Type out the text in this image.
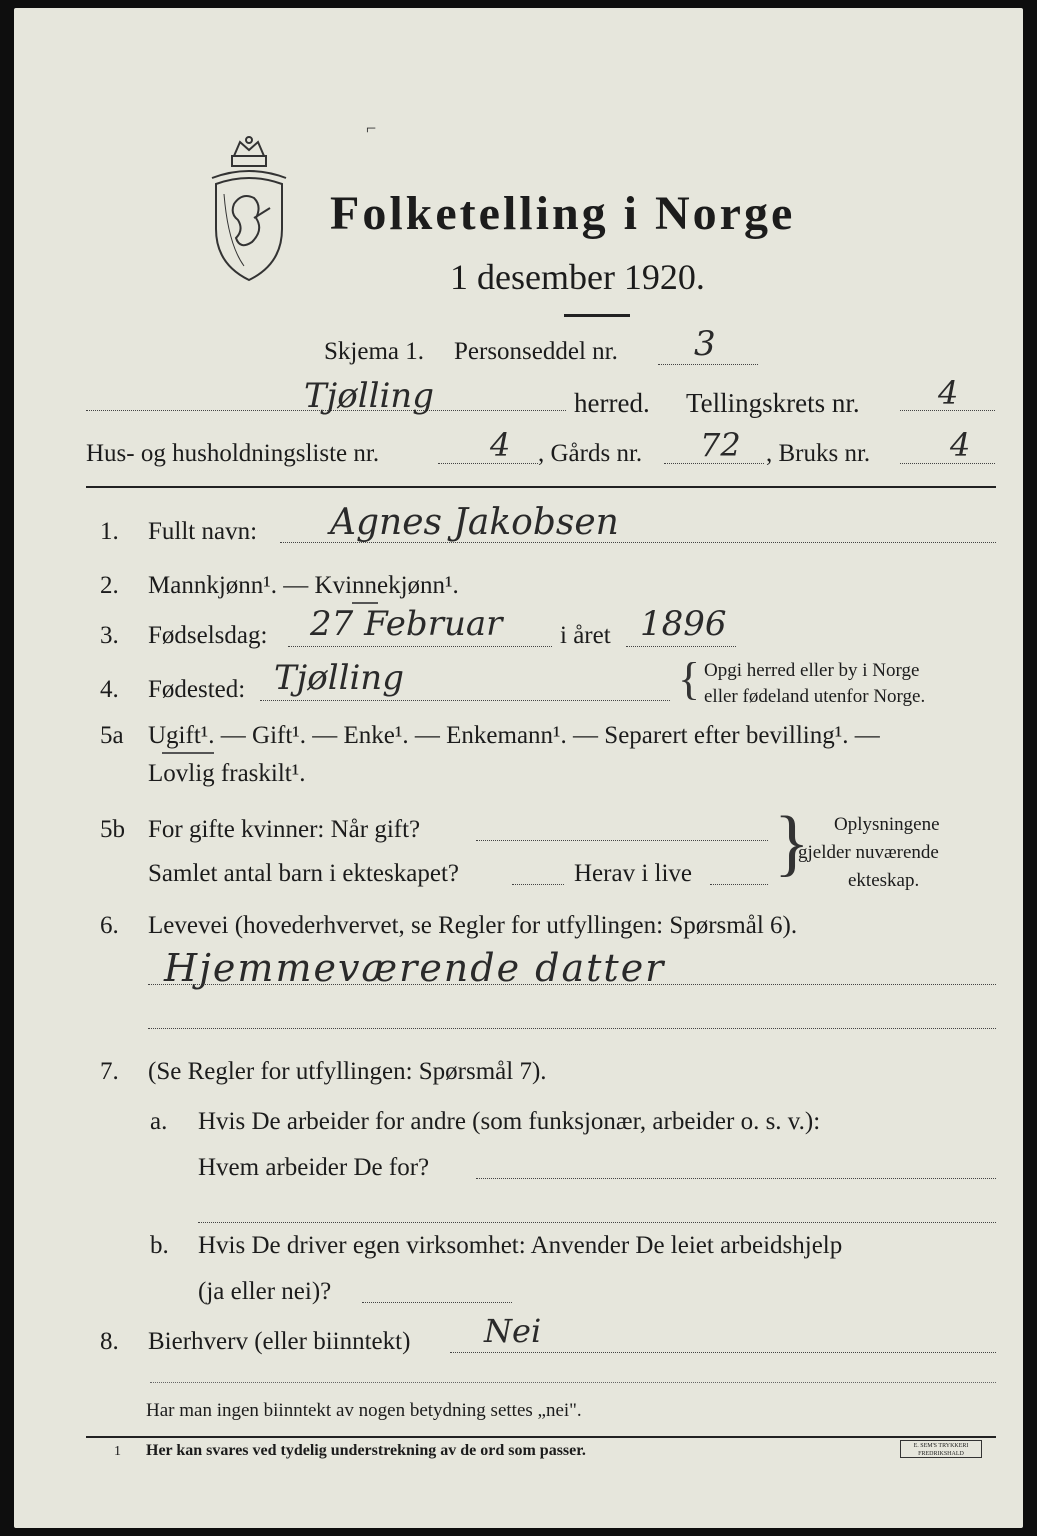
⌐
Folketelling i Norge
1 desember 1920.
Skjema 1. Personseddel nr. 3
Tjølling	herred. Tellingskrets nr. 4
Hus- og husholdningsliste nr.	4 , Gårds nr. 72 , Bruks nr. 4
1. Fullt navn: Agnes Jakobsen
2. Mannkjønn¹. — Kvinnekjønn¹.
3. Fødselsdag: 27 Februar i året 1896
4. Fødested: Tjølling	{ Opgi herred eller by i Norge
eller fødeland utenfor Norge.
5a Ugift¹. — Gift¹. — Enke¹. — Enkemann¹. — Separert efter bevilling¹. —
Lovlig fraskilt¹.
5b For gifte kvinner: Når gift?
Samlet antal barn i ekteskapet?	Herav i live } Oplysningene
gjelder nuværende
ekteskap.
6. Levevei (hovederhvervet, se Regler for utfyllingen: Spørsmål 6).
Hjemmeværende datter
7. (Se Regler for utfyllingen: Spørsmål 7).
a. Hvis De arbeider for andre (som funksjonær, arbeider o. s. v.):
Hvem arbeider De for?
b. Hvis De driver egen virksomhet: Anvender De leiet arbeidshjelp
(ja eller nei)?
8. Bierhverv (eller biinntekt) Nei
Har man ingen biinntekt av nogen betydning settes „nei".
1 Her kan svares ved tydelig understrekning av de ord som passer.	E. SEM'S TRYKKERI FREDRIKSHALD
